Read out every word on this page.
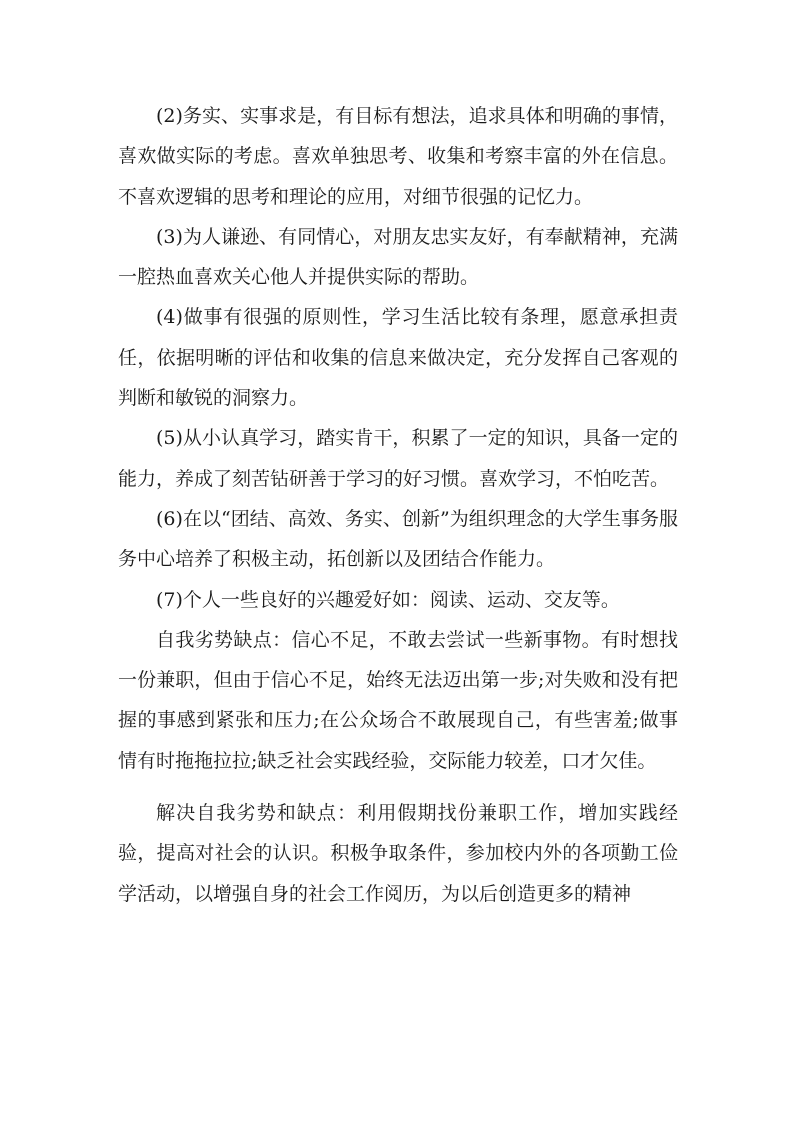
(2)务实、实事求是，有目标有想法，追求具体和明确的事情，喜欢做实际的考虑。喜欢单独思考、收集和考察丰富的外在信息。不喜欢逻辑的思考和理论的应用，对细节很强的记忆力。

(3)为人谦逊、有同情心，对朋友忠实友好，有奉献精神，充满一腔热血喜欢关心他人并提供实际的帮助。

(4)做事有很强的原则性，学习生活比较有条理，愿意承担责任，依据明晰的评估和收集的信息来做决定，充分发挥自己客观的判断和敏锐的洞察力。

(5)从小认真学习，踏实肯干，积累了一定的知识，具备一定的能力，养成了刻苦钻研善于学习的好习惯。喜欢学习，不怕吃苦。

(6)在以“团结、高效、务实、创新”为组织理念的大学生事务服务中心培养了积极主动，拓创新以及团结合作能力。

(7)个人一些良好的兴趣爱好如：阅读、运动、交友等。

自我劣势缺点：信心不足，不敢去尝试一些新事物。有时想找一份兼职，但由于信心不足，始终无法迈出第一步;对失败和没有把握的事感到紧张和压力;在公众场合不敢展现自己，有些害羞;做事情有时拖拖拉拉;缺乏社会实践经验，交际能力较差，口才欠佳。

解决自我劣势和缺点：利用假期找份兼职工作，增加实践经验，提高对社会的认识。积极争取条件，参加校内外的各项勤工俭学活动，以增强自身的社会工作阅历，为以后创造更多的精神
